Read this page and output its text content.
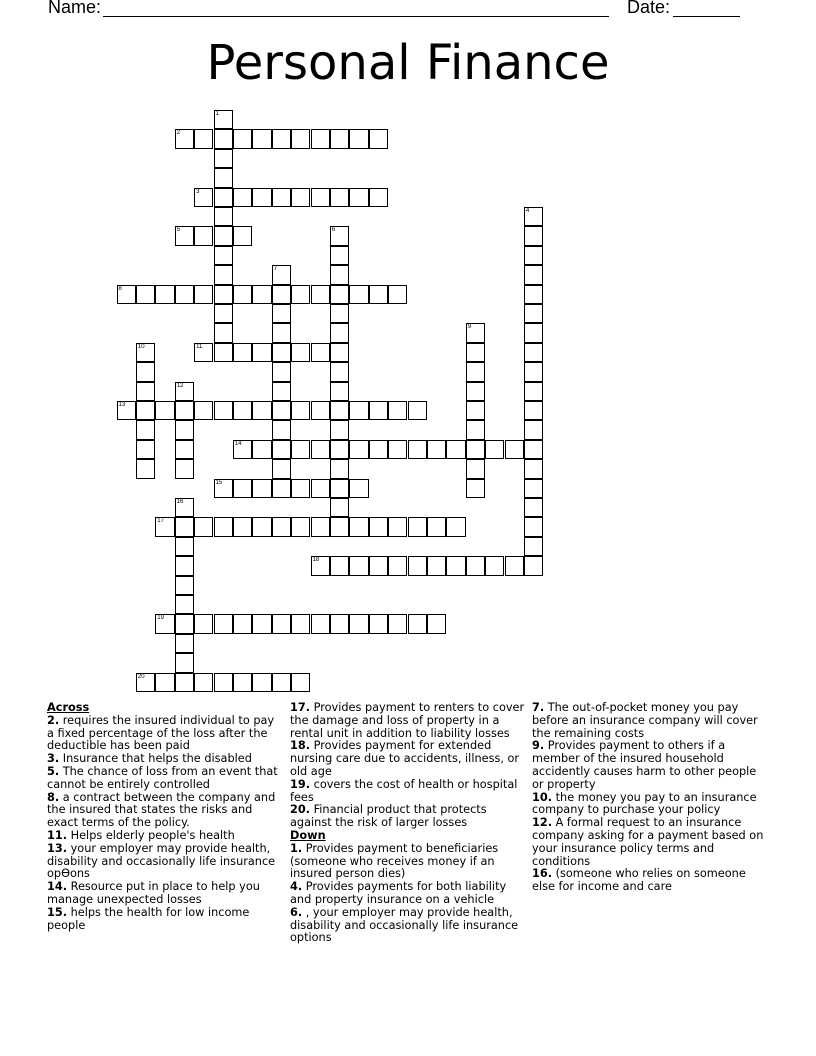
Name:	Date:
Personal Finance
1
2
3
4
5	6
7
8
9
10	11
12
13
14
15
16
17
18
19
20
Across
2. requires the insured individual to pay a fixed percentage of the loss after the deductible has been paid
3. Insurance that helps the disabled
5. The chance of loss from an event that cannot be entirely controlled
8. a contract between the company and the insured that states the risks and exact terms of the policy.
11. Helps elderly people's health
13. your employer may provide health, disability and occasionally life insurance opƟons
14. Resource put in place to help you manage unexpected losses
15. helps the health for low income people
17. Provides payment to renters to cover the damage and loss of property in a rental unit in addition to liability losses
18. Provides payment for extended nursing care due to accidents, illness, or old age
19. covers the cost of health or hospital fees
20. Financial product that protects against the risk of larger losses
Down
1. Provides payment to beneficiaries (someone who receives money if an insured person dies)
4. Provides payments for both liability and property insurance on a vehicle
6. , your employer may provide health, disability and occasionally life insurance options
7. The out-of-pocket money you pay before an insurance company will cover the remaining costs
9. Provides payment to others if a member of the insured household accidently causes harm to other people or property
10. the money you pay to an insurance company to purchase your policy
12. A formal request to an insurance company asking for a payment based on your insurance policy terms and conditions
16. (someone who relies on someone else for income and care
